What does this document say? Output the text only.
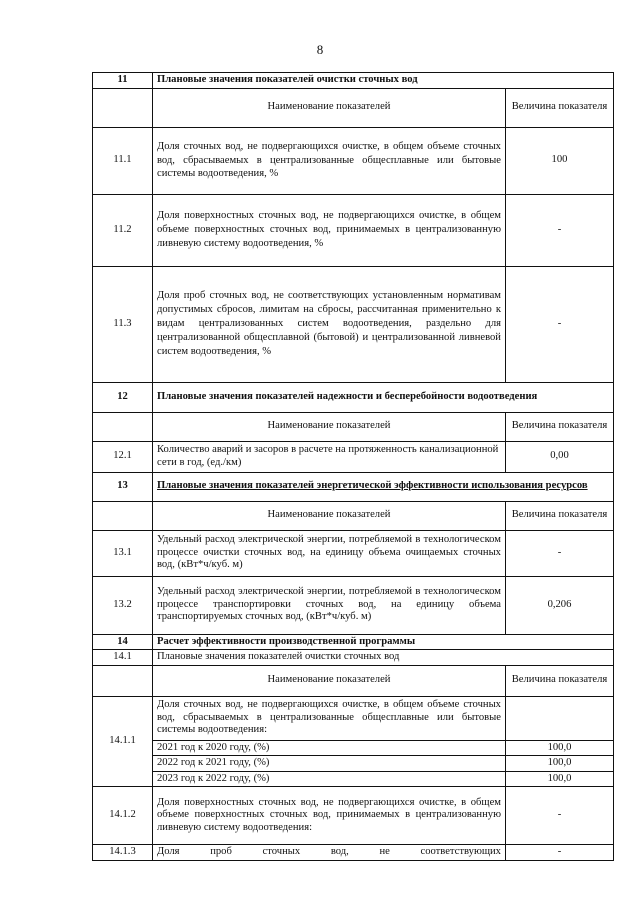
8
11	Плановые значения показателей очистки сточных вод	
	Наименование показателей	Величина показателя
11.1	Доля сточных вод, не подвергающихся очистке, в общем объеме сточных вод, сбрасываемых в централизованные общесплавные или бытовые системы водоотведения, %	100
11.2	Доля поверхностных сточных вод, не подвергающихся очистке, в общем объеме поверхностных сточных вод, принимаемых в централизованную ливневую систему водоотведения, %	-
11.3	Доля проб сточных вод, не соответствующих установленным нормативам допустимых сбросов, лимитам на сбросы, рассчитанная применительно к видам централизованных систем водоотведения, раздельно для централизованной общесплавной (бытовой) и централизованной ливневой систем водоотведения, %	-
12	Плановые значения показателей надежности и бесперебойности водоотведения	
	Наименование показателей	Величина показателя
12.1	Количество аварий и засоров в расчете на протяженность канализационной сети в год, (ед./км)	0,00
13	Плановые значения показателей энергетической эффективности использования ресурсов	
	Наименование показателей	Величина показателя
13.1	Удельный расход электрической энергии, потребляемой в технологическом процессе очистки сточных вод, на единицу объема очищаемых сточных вод, (кВт*ч/куб. м)	-
13.2	Удельный расход электрической энергии, потребляемой в технологическом процессе транспортировки сточных вод, на единицу объема транспортируемых сточных вод, (кВт*ч/куб. м)	0,206
14	Расчет эффективности производственной программы	
14.1	Плановые значения показателей очистки сточных вод	
	Наименование показателей	Величина показателя
14.1.1	Доля сточных вод, не подвергающихся очистке, в общем объеме сточных вод, сбрасываемых в централизованные общесплавные или бытовые системы водоотведения:	
	2021 год к 2020 году, (%)	100,0
	2022 год к 2021 году, (%)	100,0
	2023 год к 2022 году, (%)	100,0
14.1.2	Доля поверхностных сточных вод, не подвергающихся очистке, в общем объеме поверхностных сточных вод, принимаемых в централизованную ливневую систему водоотведения:	-
14.1.3	Доля проб сточных вод, не соответствующих	-
